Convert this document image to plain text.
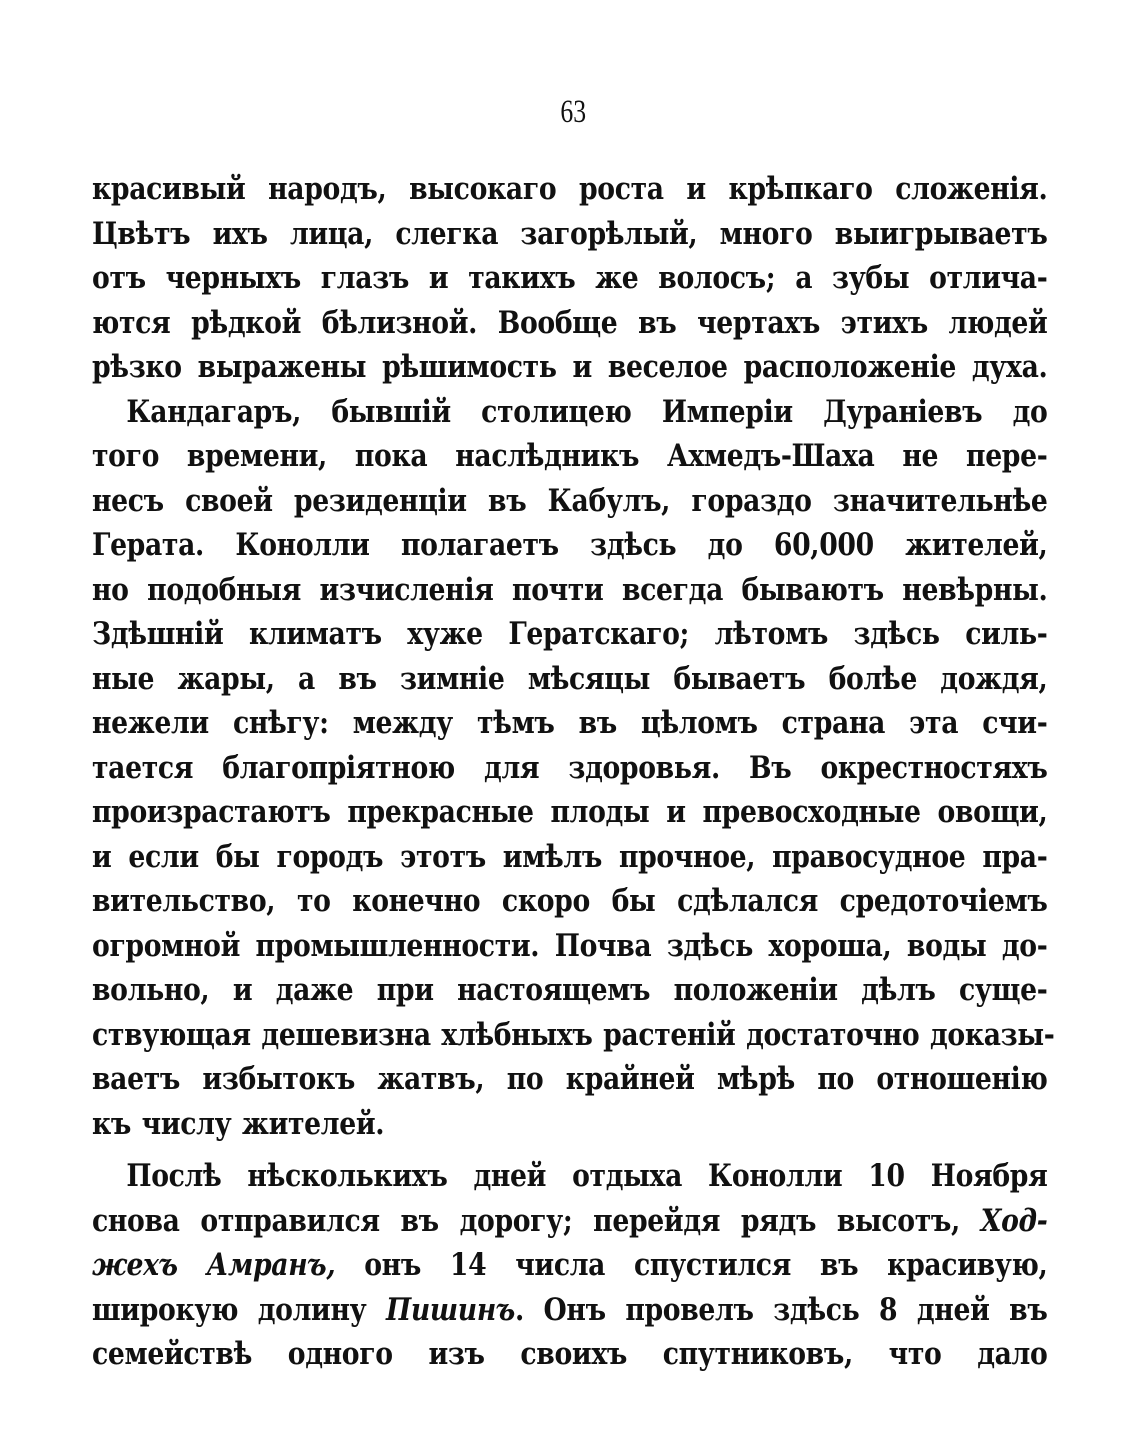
63
красивый народъ, высокаго роста и крѣпкаго сложенія.
Цвѣтъ ихъ лица, слегка загорѣлый, много выигрываетъ
отъ черныхъ глазъ и такихъ же волосъ; а зубы отлича-
ются рѣдкой бѣлизной. Вообще въ чертахъ этихъ людей
рѣзко выражены рѣшимость и веселое расположеніе духа.
Кандагаръ, бывшій столицею Имперіи Дураніевъ до
того времени, пока наслѣдникъ Ахмедъ-Шаха не пере-
несъ своей резиденціи въ Кабулъ, гораздо значительнѣе
Герата. Конолли полагаетъ здѣсь до 60,000 жителей,
но подобныя изчисленія почти всегда бываютъ невѣрны.
Здѣшній климатъ хуже Гератскаго; лѣтомъ здѣсь силь-
ные жары, а въ зимніе мѣсяцы бываетъ болѣе дождя,
нежели снѣгу: между тѣмъ въ цѣломъ страна эта счи-
тается благопріятною для здоровья. Въ окрестностяхъ
произрастаютъ прекрасные плоды и превосходные овощи,
и если бы городъ этотъ имѣлъ прочное, правосудное пра-
вительство, то конечно скоро бы сдѣлался средоточіемъ
огромной промышленности. Почва здѣсь хороша, воды до-
вольно, и даже при настоящемъ положеніи дѣлъ суще-
ствующая дешевизна хлѣбныхъ растеній достаточно доказы-
ваетъ избытокъ жатвъ, по крайней мѣрѣ по отношенію
къ числу жителей.
Послѣ нѣсколькихъ дней отдыха Конолли 10 Ноября
снова отправился въ дорогу; перейдя рядъ высотъ, Ход-
жехъ Амранъ, онъ 14 числа спустился въ красивую,
широкую долину Пишинъ. Онъ провелъ здѣсь 8 дней въ
семействѣ одного изъ своихъ спутниковъ, что дало
